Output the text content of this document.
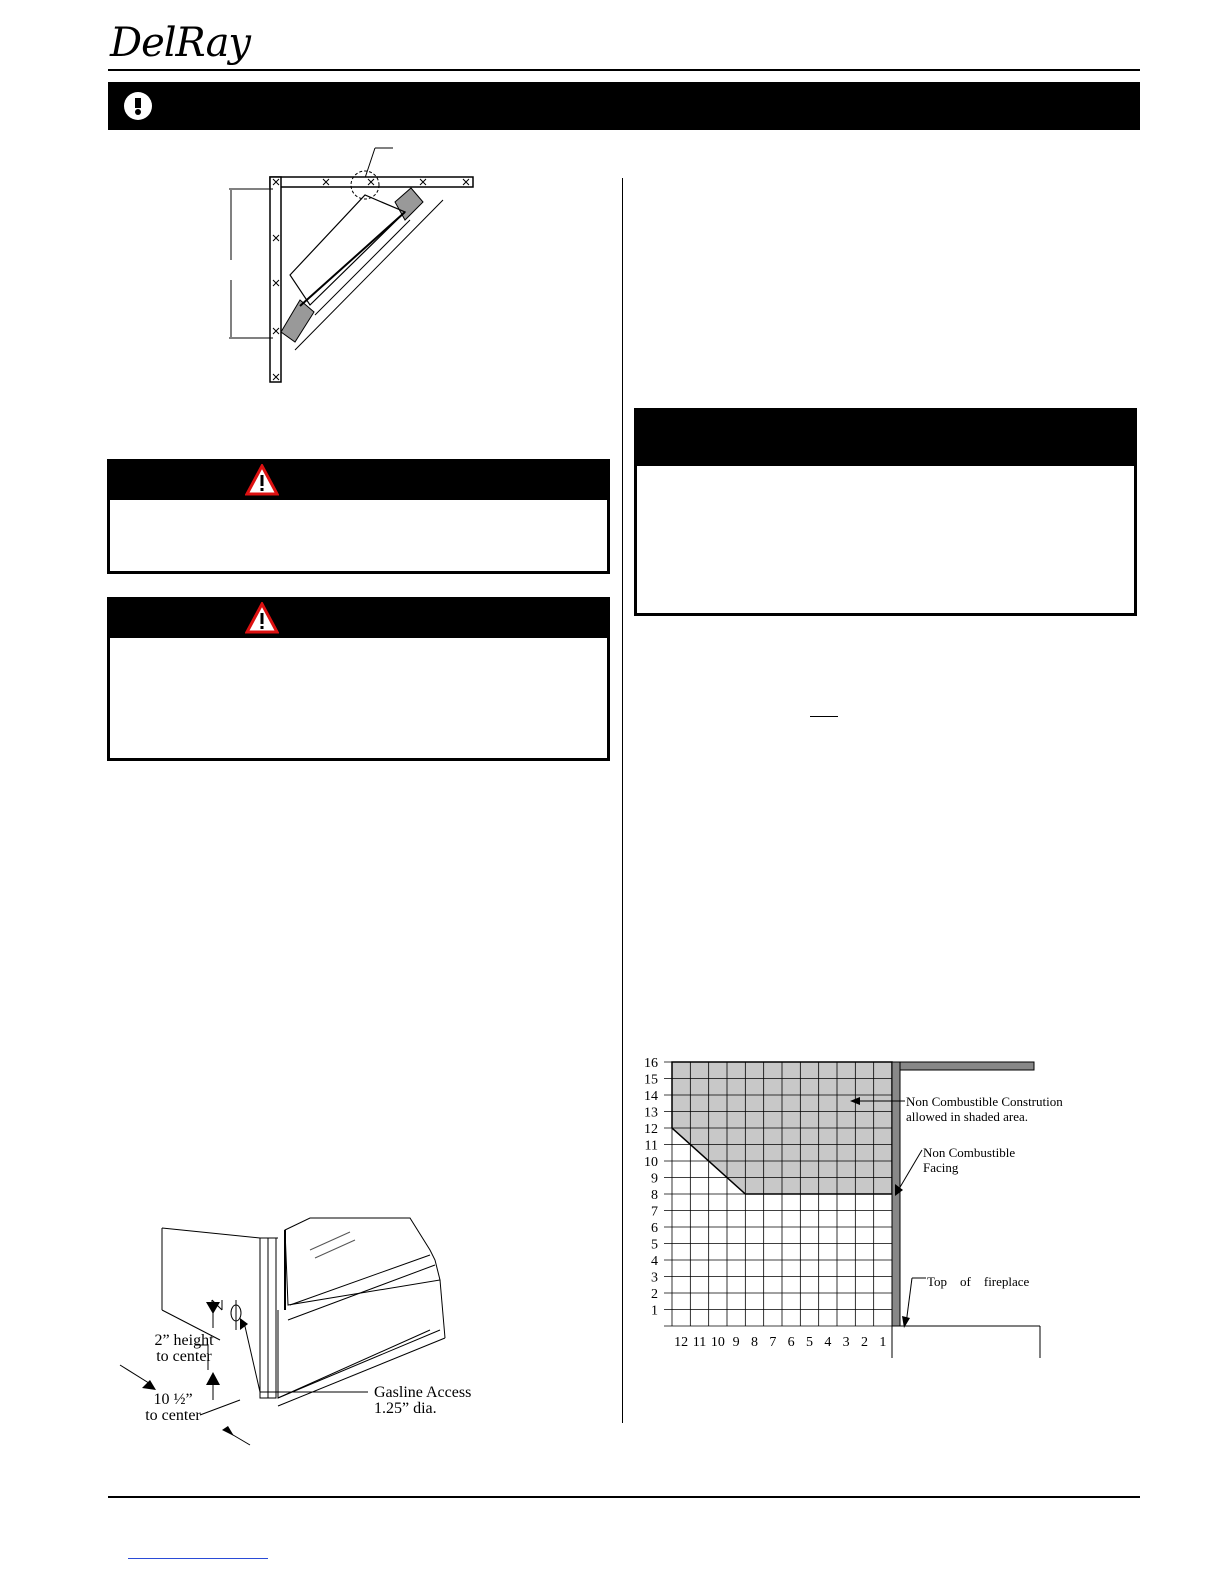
DelRay
2” height
to center
10 ½”
to center
Gasline Access
1.25” dia.
1
2
3
4
5
6
7
8
9
10
11
12
13
14
15
16
12 11 10 9 8 7 6 5 4 3 2 1
Non Combustible Constrution
allowed in shaded area.
Non Combustible
Facing
Top    of    fireplace
